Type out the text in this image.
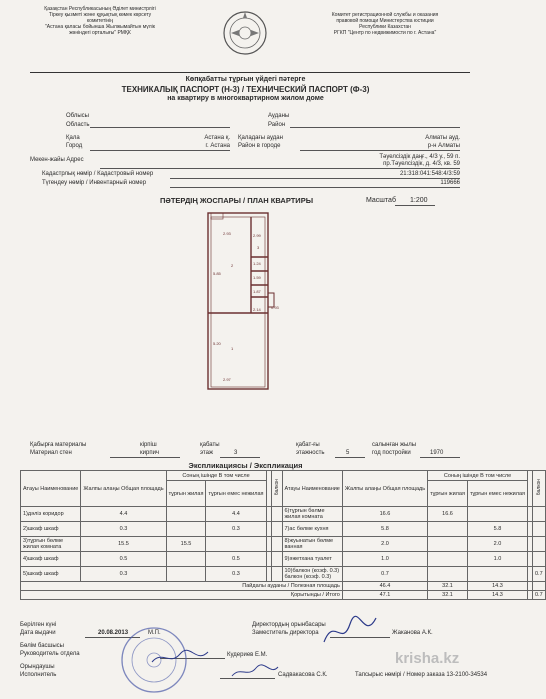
Қазақстан Республикасының Әділет министрлігі
Тіркеу қызметі және құқықтық көмек көрсету
комитетінің
"Астана қаласы бойынша Жылжымайтын мүлік
жөніндегі орталығы" РМҚК
Комитет регистрационной службы и оказания
правовой помощи Министерства юстиции
Республики Казахстан
РГКП "Центр по недвижимости по г. Астана"
Көпқабатты тұрғын үйдегі пәтерге
ТЕХНИКАЛЫҚ ПАСПОРТ (Н-3) / ТЕХНИЧЕСКИЙ ПАСПОРТ (Ф-3)
на квартиру в многоквартирном жилом доме
Облысы
Область
Ауданы
Район
Қала
Город
Астана қ.
г. Астана
Қаладағы аудан
Район в городе
Алматы ауд.
р-н Алматы
Мекен-жайы Адрес	Тәуелсіздік даңғ., 4/3 у., 59 п.
пр.Тәуелсіздік, д. 4/3, кв. 59
Кадастрлық нөмір / Кадастровый номер	21:318:041:548:4/3:59
Түгендеу нөмір / Инвентарный номер	119666
ПӘТЕРДІҢ ЖОСПАРЫ / ПЛАН КВАРТИРЫ	Масштаб 1:200
2.93	2.99
5.85
1.24
2.14
2.97
5.20
0.93
1.59
1.87
2
1
3
Қабырға материалы
Материал стен
кірпіш
кирпич
қабаты
этаж	3
қабат-ғы
этажность	5
салынған жылы
год постройки	1970
Экспликациясы / Экспликация
Атауы Наименование	Жалпы алаңы Общая площадь	Соның ішінде В том числе			балкон	Атауы Наименование	Жалпы алаңы Общая площадь	Соның ішінде В том числе			балкон
		тұрғын жилая	тұрғын емес нежилая					тұрғын жилая	тұрғын емес нежилая		
1)дәліз коридор	4.4		4.4			6)тұрғын бөлме жилая комната	16.6	16.6			
2)шкаф шкаф	0.3		0.3			7)ас бөлме кухня	5.8		5.8		
3)тұрғын бөлме жилая комната	15.5	15.5				8)жуынатын бөлме ванная	2.0		2.0		
4)шкаф шкаф	0.5		0.5			9)әжетхана туалет	1.0		1.0		
5)шкаф шкаф	0.3		0.3			10)балкон (коэф. 0.3) балкон (коэф. 0.3)	0.7				0.7
Пайдалы ауданы / Полезная площадь							46.4	32.1	14.3		
Қорытынды / Итого							47.1	32.1	14.3		0.7
Берілген күні
Дата выдачи	20.08.2013	М.П.
Бөлім басшысы
Руководитель отдела
Орындаушы
Исполнитель
Директордың орынбасары
Заместитель директора	Жаканова А.К.
Кудериев Е.М.
Садвакасова С.К.	Тапсырыс нөмірі / Номер заказа 13-2100-34534
krisha.kz
